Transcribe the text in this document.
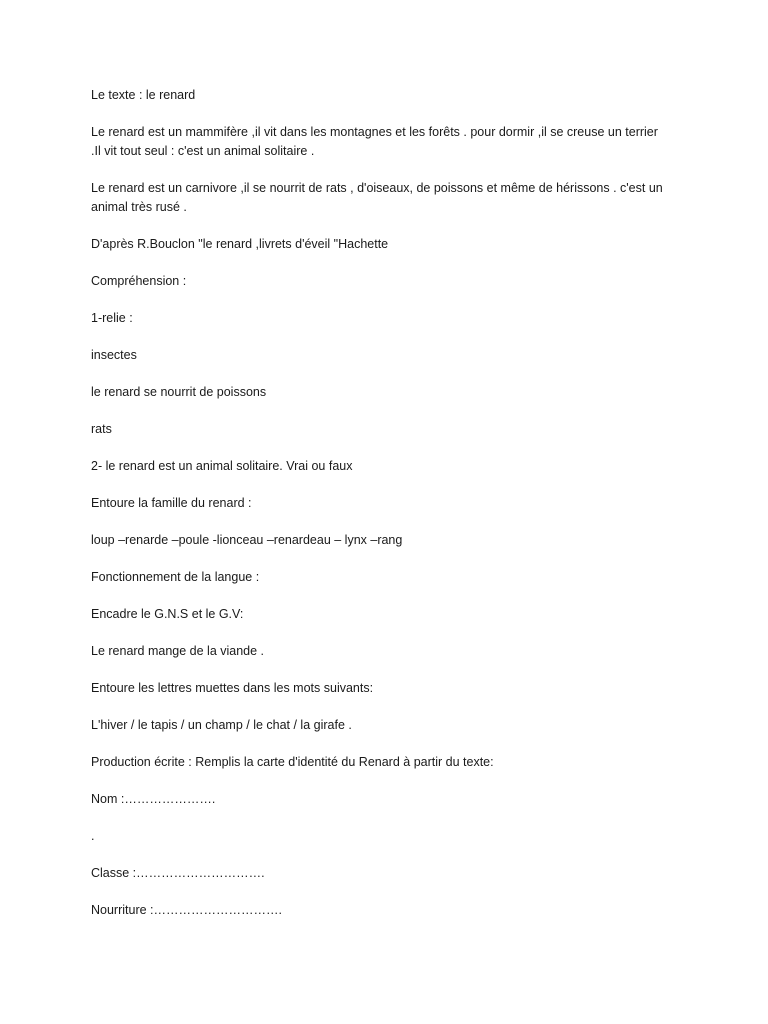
Le texte : le renard

Le renard est un mammifère ,il vit dans les montagnes et les forêts . pour dormir ,il se creuse un terrier .Il vit tout seul : c'est un animal solitaire .

Le renard est un carnivore ,il se nourrit de rats , d'oiseaux, de poissons et même de hérissons . c'est un animal très rusé .

D'après R.Bouclon "le renard ,livrets d'éveil "Hachette

Compréhension :

1-relie :

insectes

le renard se nourrit de poissons

rats

2- le renard est un animal solitaire. Vrai ou faux

Entoure la famille du renard :

loup –renarde –poule -lionceau –renardeau – lynx –rang

Fonctionnement de la langue :

Encadre le G.N.S et le G.V:

Le renard mange de la viande .

Entoure les lettres muettes dans les mots suivants:

L'hiver / le tapis / un champ / le chat / la girafe .

Production écrite : Remplis la carte d'identité du Renard à partir du texte:

Nom :………………….

.

Classe :………………………….

Nourriture :………………………….
